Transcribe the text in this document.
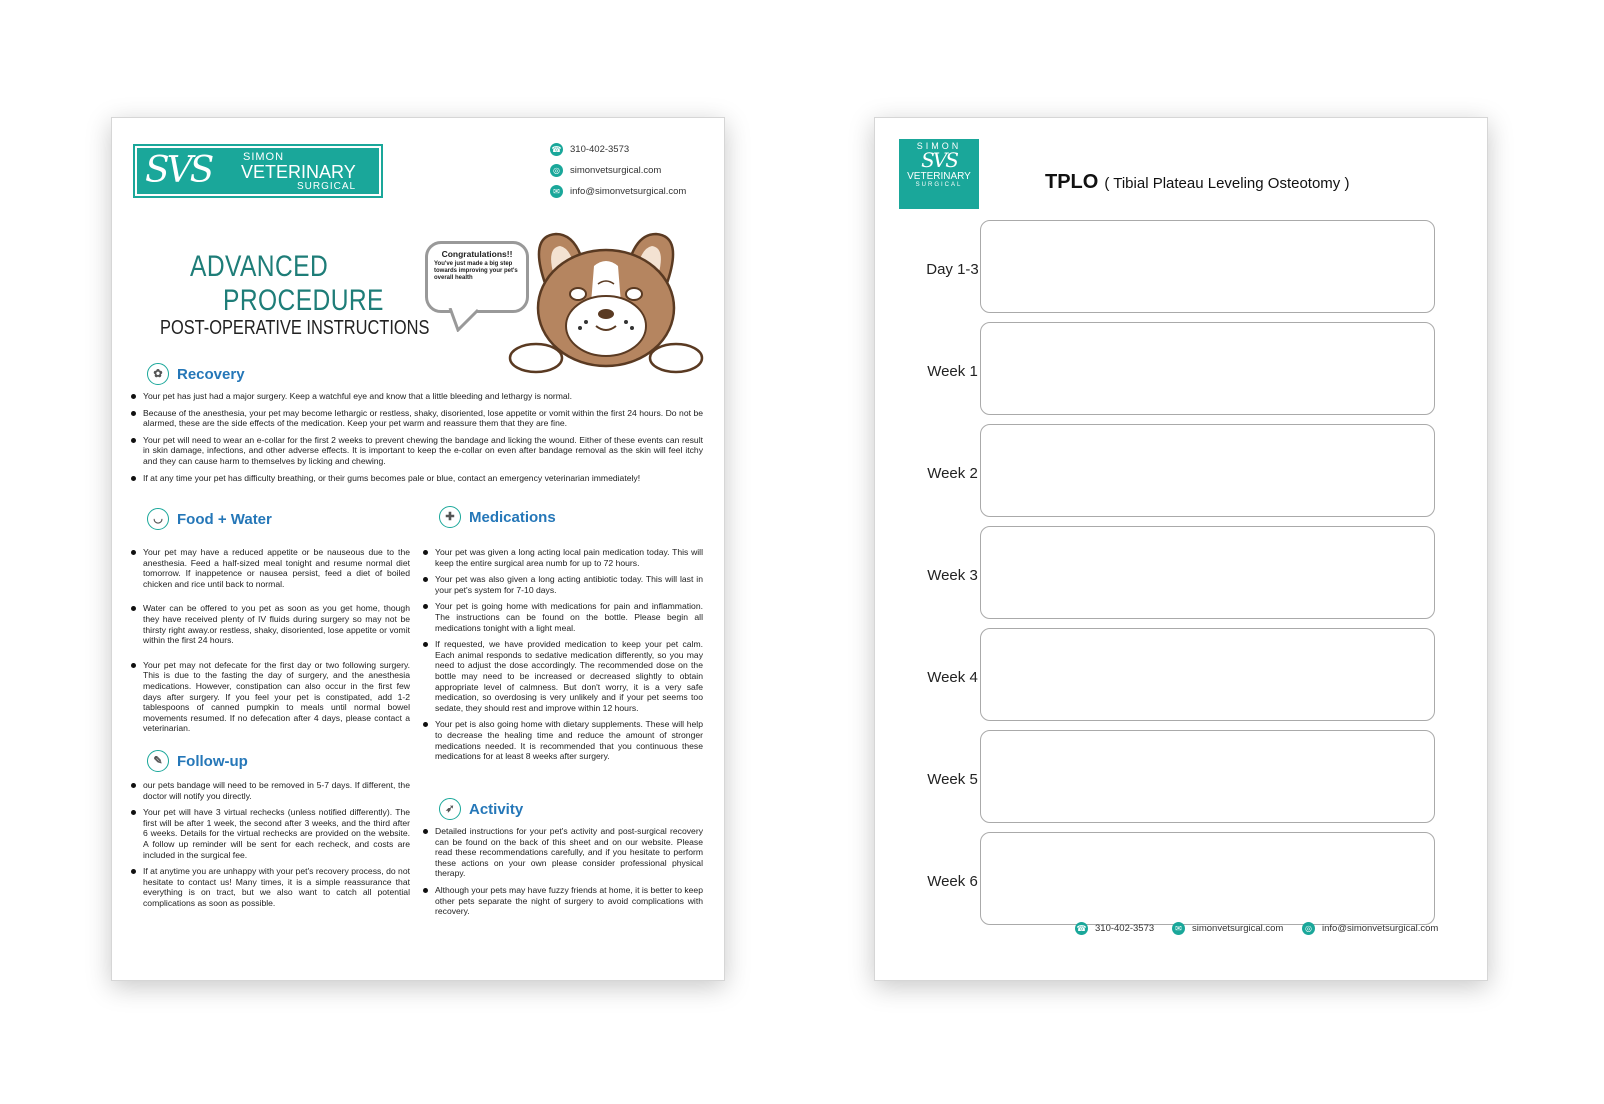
SVS	SIMON
VETERINARY
SURGICAL
☎ 310-402-3573
◎	simonvetsurgical.com
✉	info@simonvetsurgical.com
ADVANCED
PROCEDURE
POST-OPERATIVE INSTRUCTIONS
Congratulations!!
You've just made a big step towards improving your pet's overall health
✿ Recovery
Your pet has just had a major surgery. Keep a watchful eye and know that a little bleeding and lethargy is normal.
Because of the anesthesia, your pet may become lethargic or restless, shaky, disoriented, lose appetite or vomit within the first 24 hours. Do not be alarmed, these are the side effects of the medication. Keep your pet warm and reassure them that they are fine.
Your pet will need to wear an e-collar for the first 2 weeks to prevent chewing the bandage and licking the wound. Either of these events can result in skin damage, infections, and other adverse effects. It is important to keep the e-collar on even after bandage removal as the skin will feel itchy and they can cause harm to themselves by licking and chewing.
If at any time your pet has difficulty breathing, or their gums becomes pale or blue, contact an emergency veterinarian immediately!
◡ Food + Water
Your pet may have a reduced appetite or be nauseous due to the anesthesia. Feed a half-sized meal tonight and resume normal diet tomorrow. If inappetence or nausea persist, feed a diet of boiled chicken and rice until back to normal.
Water can be offered to you pet as soon as you get home, though they have received plenty of IV fluids during surgery so may not be thirsty right away.or restless, shaky, disoriented, lose appetite or vomit within the first 24 hours.
Your pet may not defecate for the first day or two following surgery. This is due to the fasting the day of surgery, and the anesthesia medications. However, constipation can also occur in the first few days after surgery. If you feel your pet is constipated, add 1-2 tablespoons of canned pumpkin to meals until normal bowel movements resumed. If no defecation after 4 days, please contact a veterinarian.
✎ Follow-up
our pets bandage will need to be removed in 5-7 days. If different, the doctor will notify you directly.
Your pet will have 3 virtual rechecks (unless notified differently). The first will be after 1 week, the second after 3 weeks, and the third after 6 weeks. Details for the virtual rechecks are provided on the website. A follow up reminder will be sent for each recheck, and costs are included in the surgical fee.
If at anytime you are unhappy with your pet's recovery process, do not hesitate to contact us! Many times, it is a simple reassurance that everything is on tract, but we also want to catch all potential complications as soon as possible.
✚ Medications
Your pet was given a long acting local pain medication today. This will keep the entire surgical area numb for up to 72 hours.
Your pet was also given a long acting antibiotic today. This will last in your pet's system for 7-10 days.
Your pet is going home with medications for pain and inflammation. The instructions can be found on the bottle. Please begin all medications tonight with a light meal.
If requested, we have provided medication to keep your pet calm. Each animal responds to sedative medication differently, so you may need to adjust the dose accordingly. The recommended dose on the bottle may need to be increased or decreased slightly to obtain appropriate level of calmness. But don't worry, it is a very safe medication, so overdosing is very unlikely and if your pet seems too sedate, they should rest and improve within 12 hours.
Your pet is also going home with dietary supplements. These will help to decrease the healing time and reduce the amount of stronger medications needed. It is recommended that you continuous these medications for at least 8 weeks after surgery.
➶ Activity
Detailed instructions for your pet's activity and post-surgical recovery can be found on the back of this sheet and on our website. Please read these recommendations carefully, and if you hesitate to perform these actions on your own please consider professional physical therapy.
Although your pets may have fuzzy friends at home, it is better to keep other pets separate the night of surgery to avoid complications with recovery.
SIMON
SVS
VETERINARY
SURGICAL	TPLO ( Tibial Plateau Leveling Osteotomy )
Day 1-3
Week 1
Week 2
Week 3
Week 4
Week 5
Week 6
☎ 310-402-3573	✉	simonvetsurgical.com	◎	info@simonvetsurgical.com
